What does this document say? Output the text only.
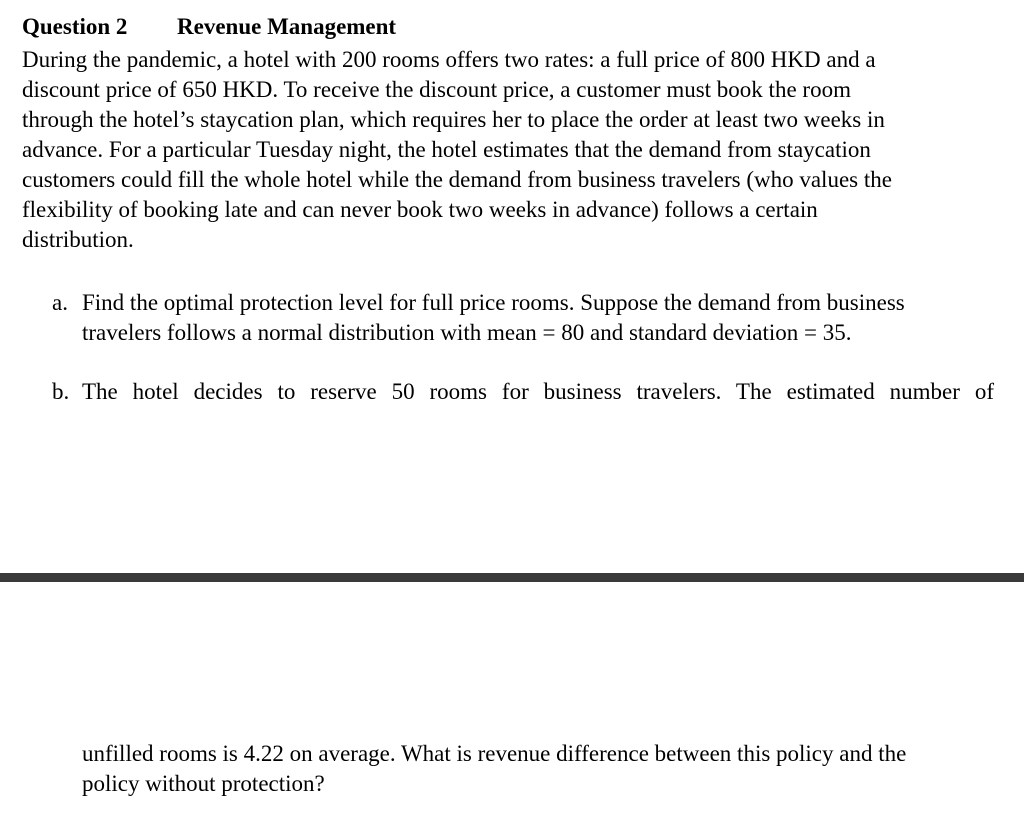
Question 2 Revenue Management
During the pandemic, a hotel with 200 rooms offers two rates: a full price of 800 HKD and a
discount price of 650 HKD. To receive the discount price, a customer must book the room
through the hotel’s staycation plan, which requires her to place the order at least two weeks in
advance. For a particular Tuesday night, the hotel estimates that the demand from staycation
customers could fill the whole hotel while the demand from business travelers (who values the
flexibility of booking late and can never book two weeks in advance) follows a certain
distribution.
a. Find the optimal protection level for full price rooms. Suppose the demand from business
travelers follows a normal distribution with mean = 80 and standard deviation = 35.
b. The hotel decides to reserve 50 rooms for business travelers. The estimated number of
unfilled rooms is 4.22 on average. What is revenue difference between this policy and the
policy without protection?
